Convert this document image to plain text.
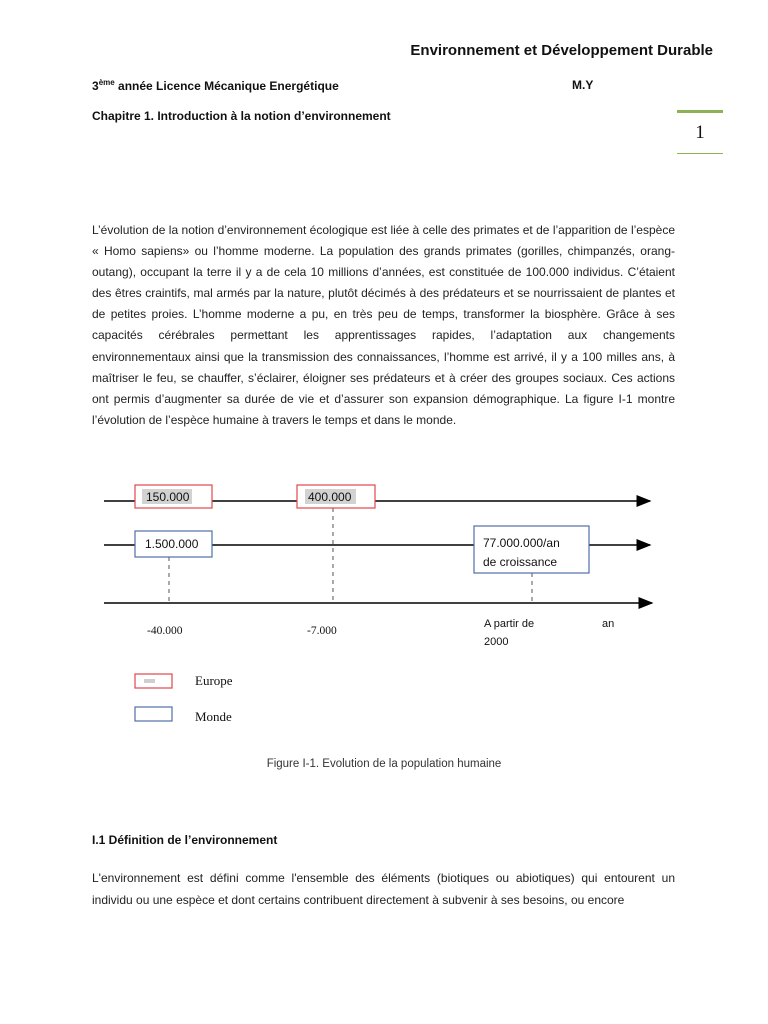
Environnement et Développement Durable
3ème année Licence Mécanique Energétique	M.Y
Chapitre 1. Introduction à la notion d’environnement
1
L’évolution de la notion d’environnement écologique est liée à celle des primates et de l’apparition de l’espèce « Homo sapiens» ou l’homme moderne. La population des grands primates (gorilles, chimpanzés, orang-outang), occupant la terre il y a de cela 10 millions d’années, est constituée de 100.000 individus. C’étaient des êtres craintifs, mal armés par la nature, plutôt décimés à des prédateurs et se nourrissaient de plantes et de petites proies. L’homme moderne a pu, en très peu de temps, transformer la biosphère. Grâce à ses capacités cérébrales permettant les apprentissages rapides, l’adaptation aux changements environnementaux ainsi que la transmission des connaissances, l’homme est arrivé, il y a 100 milles ans, à maîtriser le feu, se chauffer, s’éclairer, éloigner ses prédateurs et à créer des groupes sociaux. Ces actions ont permis d’augmenter sa durée de vie et d’assurer son expansion démographique. La figure I-1 montre l’évolution de l’espèce humaine à travers le temps et dans le monde.
150.000	400.000
1.500.000	77.000.000/an
de croissance
-40.000	-7.000
A partir de
2000
an
Europe
Monde
Figure I-1. Evolution de la population humaine
I.1 Définition de l’environnement
L'environnement est défini comme l'ensemble des éléments (biotiques ou abiotiques) qui entourent un individu ou une espèce et dont certains contribuent directement à subvenir à ses besoins, ou encore
